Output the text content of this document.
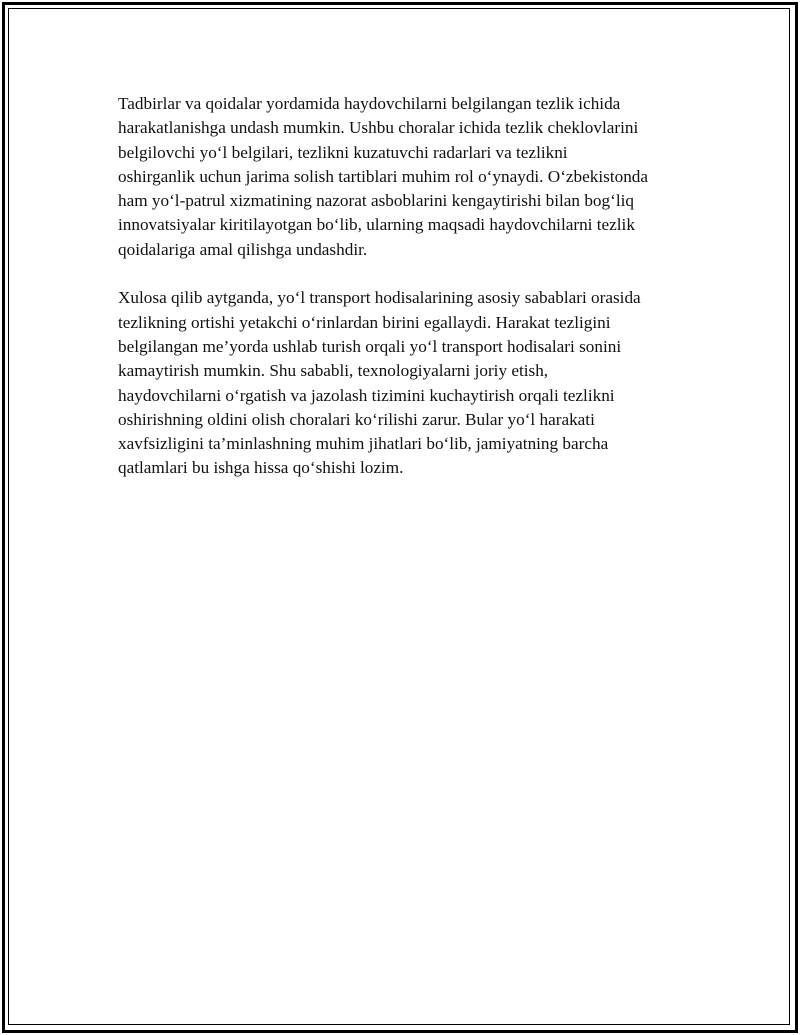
Tadbirlar va qoidalar yordamida haydovchilarni belgilangan tezlik ichida
harakatlanishga undash mumkin. Ushbu choralar ichida tezlik cheklovlarini
belgilovchi yo‘l belgilari, tezlikni kuzatuvchi radarlari va tezlikni
oshirganlik uchun jarima solish tartiblari muhim rol o‘ynaydi. O‘zbekistonda
ham yo‘l-patrul xizmatining nazorat asboblarini kengaytirishi bilan bog‘liq
innovatsiyalar kiritilayotgan bo‘lib, ularning maqsadi haydovchilarni tezlik
qoidalariga amal qilishga undashdir.

Xulosa qilib aytganda, yo‘l transport hodisalarining asosiy sabablari orasida
tezlikning ortishi yetakchi o‘rinlardan birini egallaydi. Harakat tezligini
belgilangan me’yorda ushlab turish orqali yo‘l transport hodisalari sonini
kamaytirish mumkin. Shu sababli, texnologiyalarni joriy etish,
haydovchilarni o‘rgatish va jazolash tizimini kuchaytirish orqali tezlikni
oshirishning oldini olish choralari ko‘rilishi zarur. Bular yo‘l harakati
xavfsizligini ta’minlashning muhim jihatlari bo‘lib, jamiyatning barcha
qatlamlari bu ishga hissa qo‘shishi lozim.
